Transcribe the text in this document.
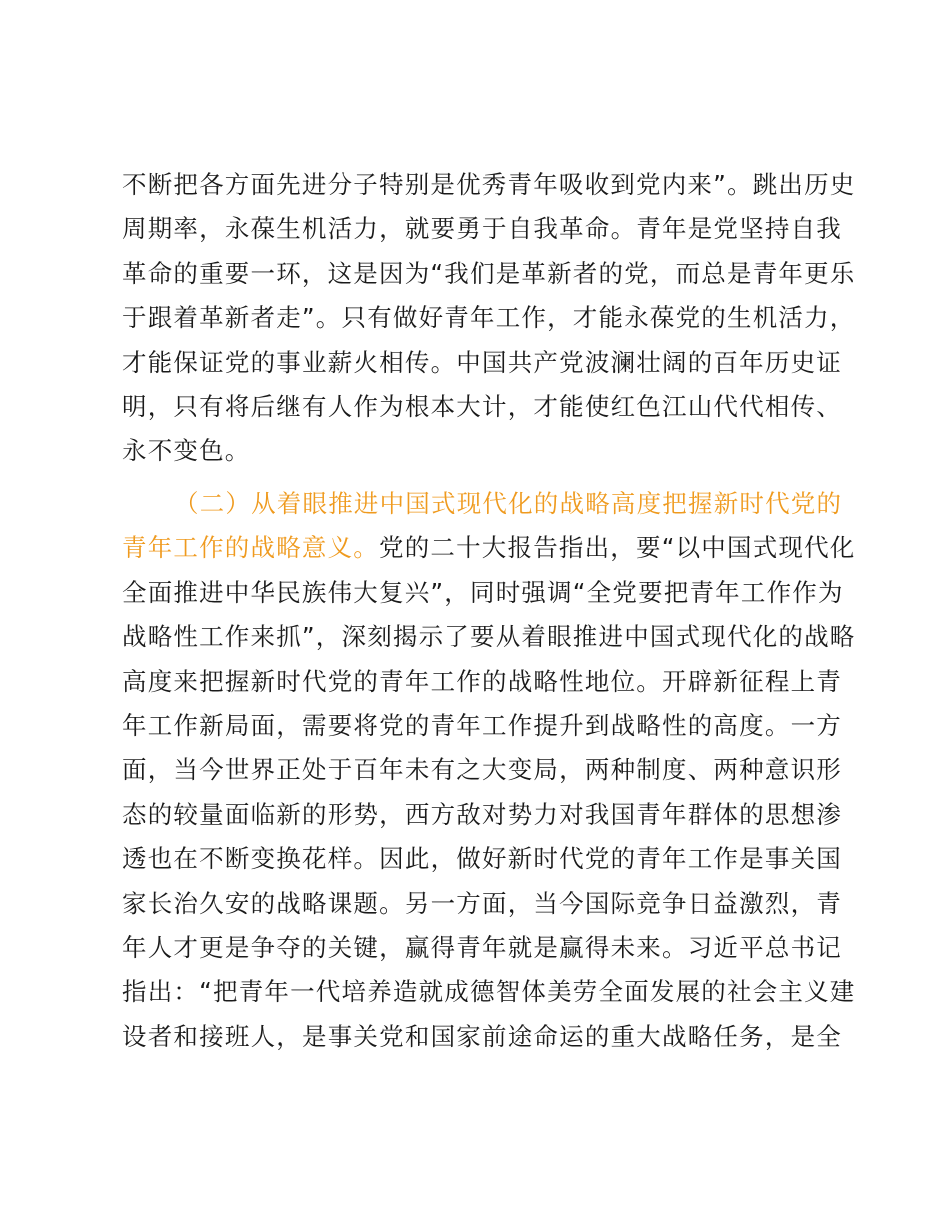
不断把各方面先进分子特别是优秀青年吸收到党内来”。跳出历史
周期率，永葆生机活力，就要勇于自我革命。青年是党坚持自我
革命的重要一环，这是因为“我们是革新者的党，而总是青年更乐
于跟着革新者走”。只有做好青年工作，才能永葆党的生机活力，
才能保证党的事业薪火相传。中国共产党波澜壮阔的百年历史证
明，只有将后继有人作为根本大计，才能使红色江山代代相传、
永不变色。
（二）从着眼推进中国式现代化的战略高度把握新时代党的
青年工作的战略意义。党的二十大报告指出，要“以中国式现代化
全面推进中华民族伟大复兴”，同时强调“全党要把青年工作作为
战略性工作来抓”，深刻揭示了要从着眼推进中国式现代化的战略
高度来把握新时代党的青年工作的战略性地位。开辟新征程上青
年工作新局面，需要将党的青年工作提升到战略性的高度。一方
面，当今世界正处于百年未有之大变局，两种制度、两种意识形
态的较量面临新的形势，西方敌对势力对我国青年群体的思想渗
透也在不断变换花样。因此，做好新时代党的青年工作是事关国
家长治久安的战略课题。另一方面，当今国际竞争日益激烈，青
年人才更是争夺的关键，赢得青年就是赢得未来。习近平总书记
指出：“把青年一代培养造就成德智体美劳全面发展的社会主义建
设者和接班人，是事关党和国家前途命运的重大战略任务，是全
